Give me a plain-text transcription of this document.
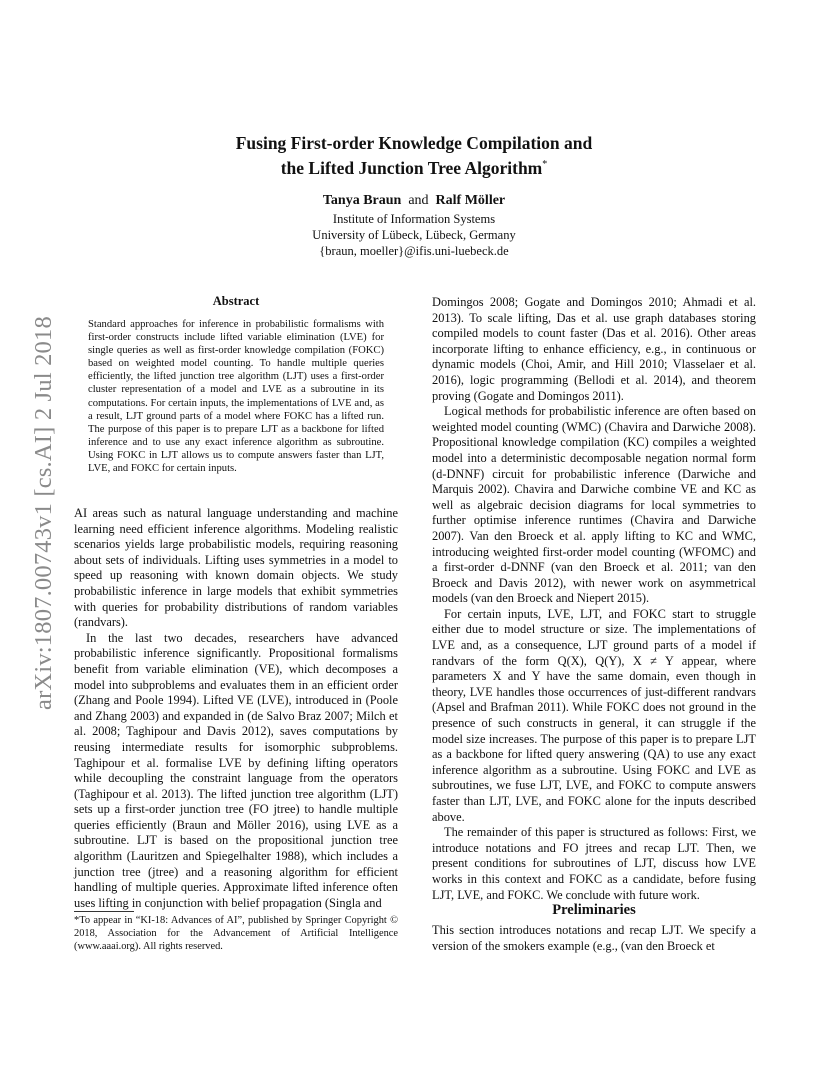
Fusing First-order Knowledge Compilation and
the Lifted Junction Tree Algorithm*
Tanya Braun and Ralf Möller
Institute of Information Systems
University of Lübeck, Lübeck, Germany
{braun, moeller}@ifis.uni-luebeck.de
arXiv:1807.00743v1 [cs.AI] 2 Jul 2018
Abstract

Standard approaches for inference in probabilistic formalisms with first-order constructs include lifted variable elimination (LVE) for single queries as well as first-order knowledge compilation (FOKC) based on weighted model counting. To handle multiple queries efficiently, the lifted junction tree algorithm (LJT) uses a first-order cluster representation of a model and LVE as a subroutine in its computations. For certain inputs, the implementations of LVE and, as a result, LJT ground parts of a model where FOKC has a lifted run. The purpose of this paper is to prepare LJT as a backbone for lifted inference and to use any exact inference algorithm as subroutine. Using FOKC in LJT allows us to compute answers faster than LJT, LVE, and FOKC for certain inputs.

AI areas such as natural language understanding and machine learning need efficient inference algorithms. Modeling realistic scenarios yields large probabilistic models, requiring reasoning about sets of individuals. Lifting uses symmetries in a model to speed up reasoning with known domain objects. We study probabilistic inference in large models that exhibit symmetries with queries for probability distributions of random variables (randvars).

In the last two decades, researchers have advanced probabilistic inference significantly. Propositional formalisms benefit from variable elimination (VE), which decomposes a model into subproblems and evaluates them in an efficient order (Zhang and Poole 1994). Lifted VE (LVE), introduced in (Poole and Zhang 2003) and expanded in (de Salvo Braz 2007; Milch et al. 2008; Taghipour and Davis 2012), saves computations by reusing intermediate results for isomorphic subproblems. Taghipour et al. formalise LVE by defining lifting operators while decoupling the constraint language from the operators (Taghipour et al. 2013). The lifted junction tree algorithm (LJT) sets up a first-order junction tree (FO jtree) to handle multiple queries efficiently (Braun and Möller 2016), using LVE as a subroutine. LJT is based on the propositional junction tree algorithm (Lauritzen and Spiegelhalter 1988), which includes a junction tree (jtree) and a reasoning algorithm for efficient handling of multiple queries. Approximate lifted inference often uses lifting in conjunction with belief propagation (Singla and

*To appear in “KI-18: Advances of AI”, published by Springer Copyright © 2018, Association for the Advancement of Artificial Intelligence (www.aaai.org). All rights reserved.

Domingos 2008; Gogate and Domingos 2010; Ahmadi et al. 2013). To scale lifting, Das et al. use graph databases storing compiled models to count faster (Das et al. 2016). Other areas incorporate lifting to enhance efficiency, e.g., in continuous or dynamic models (Choi, Amir, and Hill 2010; Vlasselaer et al. 2016), logic programming (Bellodi et al. 2014), and theorem proving (Gogate and Domingos 2011).

Logical methods for probabilistic inference are often based on weighted model counting (WMC) (Chavira and Darwiche 2008). Propositional knowledge compilation (KC) compiles a weighted model into a deterministic decomposable negation normal form (d-DNNF) circuit for probabilistic inference (Darwiche and Marquis 2002). Chavira and Darwiche combine VE and KC as well as algebraic decision diagrams for local symmetries to further optimise inference runtimes (Chavira and Darwiche 2007). Van den Broeck et al. apply lifting to KC and WMC, introducing weighted first-order model counting (WFOMC) and a first-order d-DNNF (van den Broeck et al. 2011; van den Broeck and Davis 2012), with newer work on asymmetrical models (van den Broeck and Niepert 2015).

For certain inputs, LVE, LJT, and FOKC start to struggle either due to model structure or size. The implementations of LVE and, as a consequence, LJT ground parts of a model if randvars of the form Q(X), Q(Y), X ≠ Y appear, where parameters X and Y have the same domain, even though in theory, LVE handles those occurrences of just-different randvars (Apsel and Brafman 2011). While FOKC does not ground in the presence of such constructs in general, it can struggle if the model size increases. The purpose of this paper is to prepare LJT as a backbone for lifted query answering (QA) to use any exact inference algorithm as a subroutine. Using FOKC and LVE as subroutines, we fuse LJT, LVE, and FOKC to compute answers faster than LJT, LVE, and FOKC alone for the inputs described above.

The remainder of this paper is structured as follows: First, we introduce notations and FO jtrees and recap LJT. Then, we present conditions for subroutines of LJT, discuss how LVE works in this context and FOKC as a candidate, before fusing LJT, LVE, and FOKC. We conclude with future work.

Preliminaries

This section introduces notations and recap LJT. We specify a version of the smokers example (e.g., (van den Broeck et
